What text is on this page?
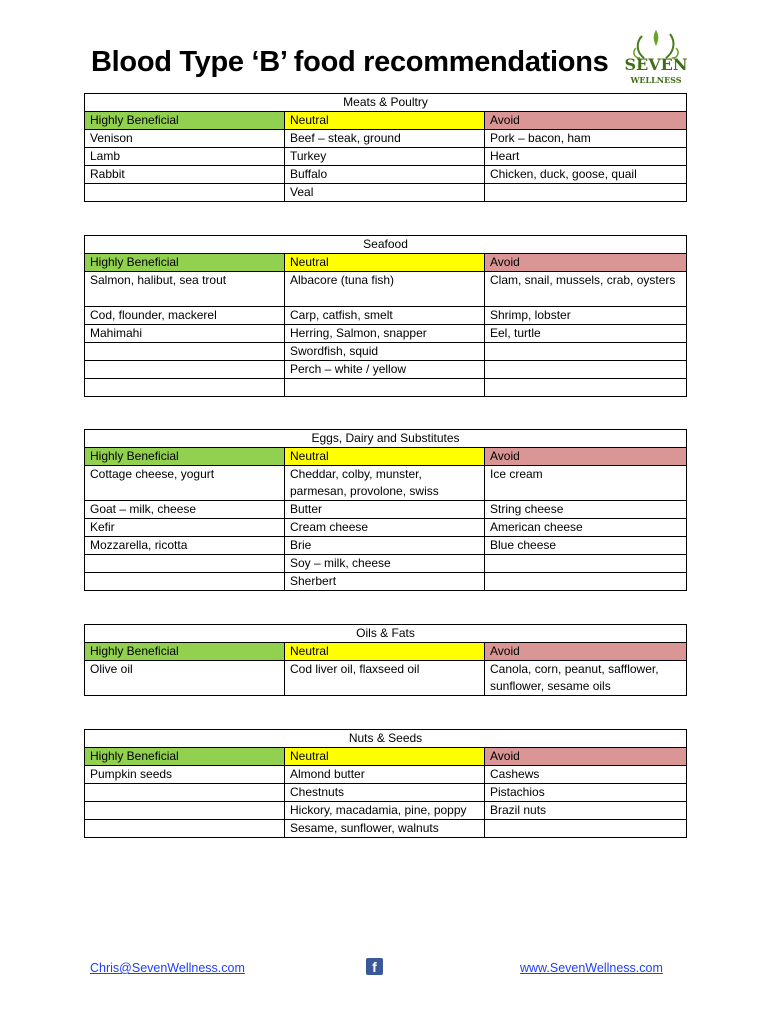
Blood Type ‘B’ food recommendations SEVEN
WELLNESS
Meats & Poultry		
Highly Beneficial	Neutral	Avoid
Venison	Beef – steak, ground	Pork – bacon, ham
Lamb	Turkey	Heart
Rabbit	Buffalo	Chicken, duck, goose, quail
	Veal	
Seafood		
Highly Beneficial	Neutral	Avoid
Salmon, halibut, sea trout	Albacore (tuna fish)	Clam, snail, mussels, crab, oysters
Cod, flounder, mackerel	Carp, catfish, smelt	Shrimp, lobster
Mahimahi	Herring, Salmon, snapper	Eel, turtle
	Swordfish, squid	
	Perch – white / yellow	

Eggs, Dairy and Substitutes		
Highly Beneficial	Neutral	Avoid
Cottage cheese, yogurt	Cheddar, colby, munster, parmesan, provolone, swiss	Ice cream
Goat – milk, cheese	Butter	String cheese
Kefir	Cream cheese	American cheese
Mozzarella, ricotta	Brie	Blue cheese
	Soy – milk, cheese	
	Sherbert	
Oils & Fats		
Highly Beneficial	Neutral	Avoid
Olive oil	Cod liver oil, flaxseed oil	Canola, corn, peanut, safflower, sunflower, sesame oils
Nuts & Seeds		
Highly Beneficial	Neutral	Avoid
Pumpkin seeds	Almond butter	Cashews
	Chestnuts	Pistachios
	Hickory, macadamia, pine, poppy	Brazil nuts
	Sesame, sunflower, walnuts	
Chris@SevenWellness.com	f	www.SevenWellness.com
